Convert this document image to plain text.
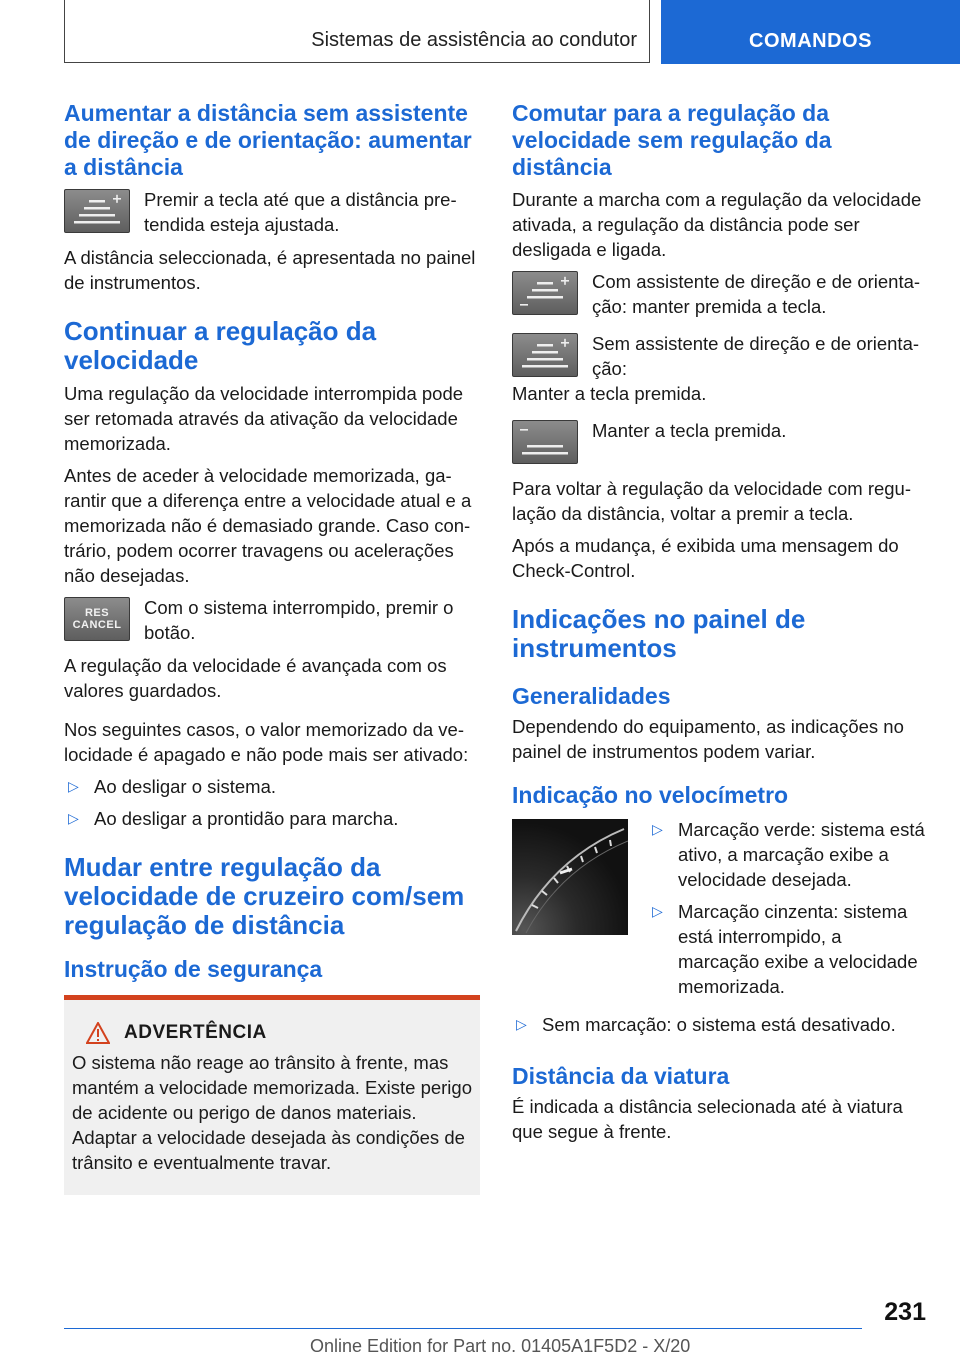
Sistemas de assistência ao condutor	COMANDOS
Aumentar a distância sem assistente de direção e de orientação: aumentar a distância
Premir a tecla até que a distância pretendida esteja ajustada.

A distância seleccionada, é apresentada no painel de instrumentos.

Continuar a regulação da velocidade

Uma regulação da velocidade interrompida pode ser retomada através da ativação da velocidade memorizada.

Antes de aceder à velocidade memorizada, garantir que a diferença entre a velocidade atual e a memorizada não é demasiado grande. Caso contrário, podem ocorrer travagens ou acelerações não desejadas.

RES
CANCEL
Com o sistema interrompido, premir o botão.

A regulação da velocidade é avançada com os valores guardados.

Nos seguintes casos, o valor memorizado da velocidade é apagado e não pode mais ser ativado:

▷ Ao desligar o sistema.
▷ Ao desligar a prontidão para marcha.
Mudar entre regulação da velocidade de cruzeiro com/sem regulação de distância
Instrução de segurança
ADVERTÊNCIA

O sistema não reage ao trânsito à frente, mas mantém a velocidade memorizada. Existe perigo de acidente ou perigo de danos materiais. Adaptar a velocidade desejada às condições de trânsito e eventualmente travar.

Comutar para a regulação da velocidade sem regulação da distância

Durante a marcha com a regulação da velocidade ativada, a regulação da distância pode ser desligada e ligada.

Com assistente de direção e de orientação: manter premida a tecla.
Sem assistente de direção e de orientação:

Manter a tecla premida.

Manter a tecla premida.

Para voltar à regulação da velocidade com regulação da distância, voltar a premir a tecla.

Após a mudança, é exibida uma mensagem do Check-Control.

Indicações no painel de instrumentos
Generalidades

Dependendo do equipamento, as indicações no painel de instrumentos podem variar.

Indicação no velocímetro
▷ Marcação verde: sistema está ativo, a marcação exibe a velocidade desejada.
▷ Marcação cinzenta: sistema está interrompido, a marcação exibe a velocidade memorizada.
▷ Sem marcação: o sistema está desativado.
Distância da viatura

É indicada a distância selecionada até à viatura que segue à frente.

231
Online Edition for Part no. 01405A1F5D2 - X/20
